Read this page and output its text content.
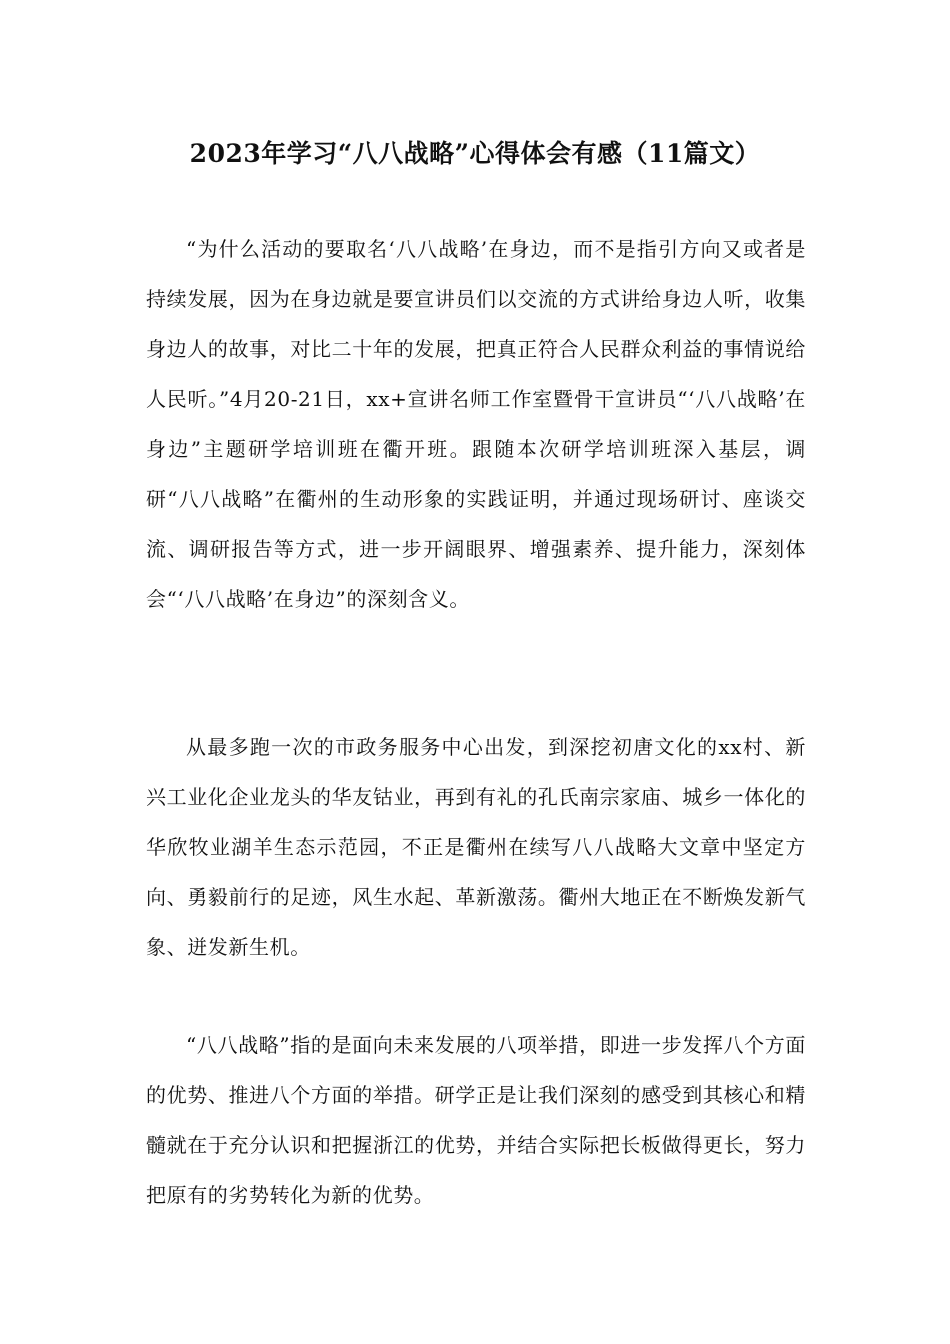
2023年学习“八八战略”心得体会有感（11篇文）

“为什么活动的要取名‘八八战略’在身边，而不是指引方向又或者是持续发展，因为在身边就是要宣讲员们以交流的方式讲给身边人听，收集身边人的故事，对比二十年的发展，把真正符合人民群众利益的事情说给人民听。”4月20-21日，xx+宣讲名师工作室暨骨干宣讲员“‘八八战略’在身边”主题研学培训班在衢开班。跟随本次研学培训班深入基层，调研“八八战略”在衢州的生动形象的实践证明，并通过现场研讨、座谈交流、调研报告等方式，进一步开阔眼界、增强素养、提升能力，深刻体会“‘八八战略’在身边”的深刻含义。

从最多跑一次的市政务服务中心出发，到深挖初唐文化的xx村、新兴工业化企业龙头的华友钴业，再到有礼的孔氏南宗家庙、城乡一体化的华欣牧业湖羊生态示范园，不正是衢州在续写八八战略大文章中坚定方向、勇毅前行的足迹，风生水起、革新激荡。衢州大地正在不断焕发新气象、迸发新生机。

“八八战略”指的是面向未来发展的八项举措，即进一步发挥八个方面的优势、推进八个方面的举措。研学正是让我们深刻的感受到其核心和精髓就在于充分认识和把握浙江的优势，并结合实际把长板做得更长，努力把原有的劣势转化为新的优势。
